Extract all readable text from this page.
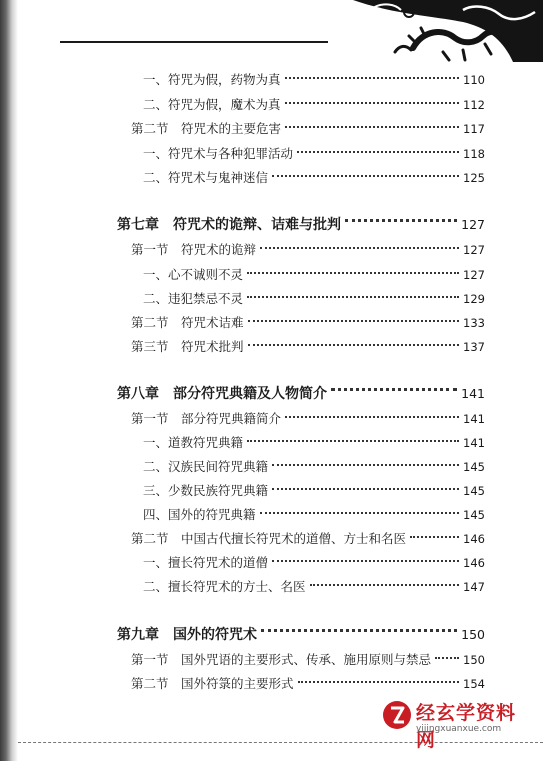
一、符咒为假，药物为真	110
二、符咒为假，魔术为真	112
第二节　符咒术的主要危害	117
一、符咒术与各种犯罪活动	118
二、符咒术与鬼神迷信	125
第七章　符咒术的诡辩、诘难与批判	127
第一节　符咒术的诡辩	127
一、心不诚则不灵	127
二、违犯禁忌不灵	129
第二节　符咒术诘难	133
第三节　符咒术批判	137
第八章　部分符咒典籍及人物简介	141
第一节　部分符咒典籍简介	141
一、道教符咒典籍	141
二、汉族民间符咒典籍	145
三、少数民族符咒典籍	145
四、国外的符咒典籍	145
第二节　中国古代擅长符咒术的道僧、方士和名医	146
一、擅长符咒术的道僧	146
二、擅长符咒术的方士、名医	147
第九章　国外的符咒术	150
第一节　国外咒语的主要形式、传承、施用原则与禁忌	150
第二节　国外符箓的主要形式	154
经玄学资料网
yijingxuanxue.com
